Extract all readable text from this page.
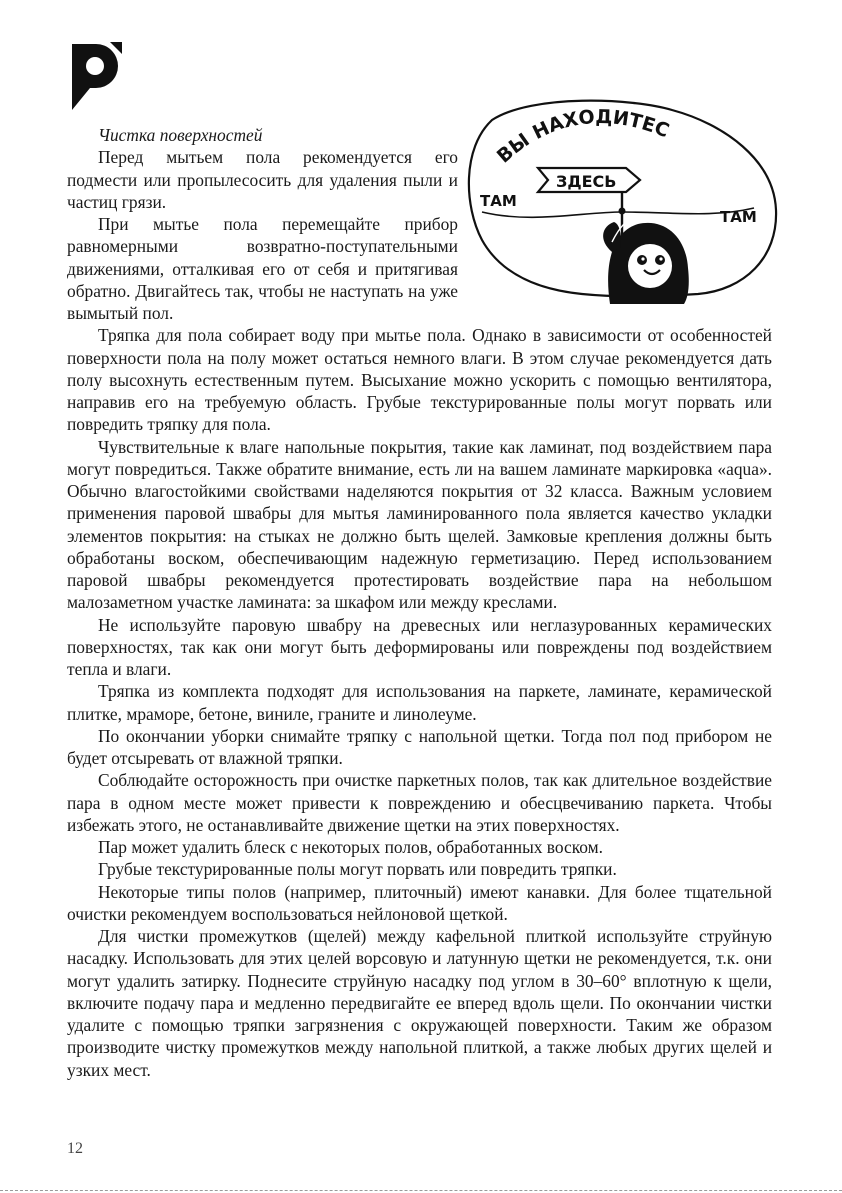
ВЫ НАХОДИТЕСЬ
ЗДЕСЬ
ТАМ
ТАМ

Чистка поверхностей

Перед мытьем пола рекомендуется его подмести или пропылесосить для удаления пыли и частиц грязи.

При мытье пола перемещайте прибор равномерными возвратно-поступательными движениями, отталкивая его от себя и притягивая обратно. Двигайтесь так, чтобы не наступать на уже вымытый пол.

Тряпка для пола собирает воду при мытье пола. Однако в зависимости от особенностей поверхности пола на полу может остаться немного влаги. В этом случае рекомендуется дать полу высохнуть естественным путем. Высыхание можно ускорить с помощью вентилятора, направив его на требуемую область. Грубые текстурированные полы могут порвать или повредить тряпку для пола.

Чувствительные к влаге напольные покрытия, такие как ламинат, под воздействием пара могут повредиться. Также обратите внимание, есть ли на вашем ламинате маркировка «aqua». Обычно влагостойкими свойствами наделяются покрытия от 32 класса. Важным условием применения паровой швабры для мытья ламинированного пола является качество укладки элементов покрытия: на стыках не должно быть щелей. Замковые крепления должны быть обработаны воском, обеспечивающим надежную герметизацию. Перед использованием паровой швабры рекомендуется протестировать воздействие пара на небольшом малозаметном участке ламината: за шкафом или между креслами.

Не используйте паровую швабру на древесных или неглазурованных керамических поверхностях, так как они могут быть деформированы или повреждены под воздействием тепла и влаги.

Тряпка из комплекта подходят для использования на паркете, ламинате, керамической плитке, мраморе, бетоне, виниле, граните и линолеуме.

По окончании уборки снимайте тряпку с напольной щетки. Тогда пол под прибором не будет отсыревать от влажной тряпки.

Соблюдайте осторожность при очистке паркетных полов, так как длительное воздействие пара в одном месте может привести к повреждению и обесцвечиванию паркета. Чтобы избежать этого, не останавливайте движение щетки на этих поверхностях.

Пар может удалить блеск с некоторых полов, обработанных воском.

Грубые текстурированные полы могут порвать или повредить тряпки.

Некоторые типы полов (например, плиточный) имеют канавки. Для более тщательной очистки рекомендуем воспользоваться нейлоновой щеткой.

Для чистки промежутков (щелей) между кафельной плиткой используйте струйную насадку. Использовать для этих целей ворсовую и латунную щетки не рекомендуется, т.к. они могут удалить затирку. Поднесите струйную насадку под углом в 30–60° вплотную к щели, включите подачу пара и медленно передвигайте ее вперед вдоль щели. По окончании чистки удалите с помощью тряпки загрязнения с окружающей поверхности. Таким же образом производите чистку промежутков между напольной плиткой, а также любых других щелей и узких мест.

12
